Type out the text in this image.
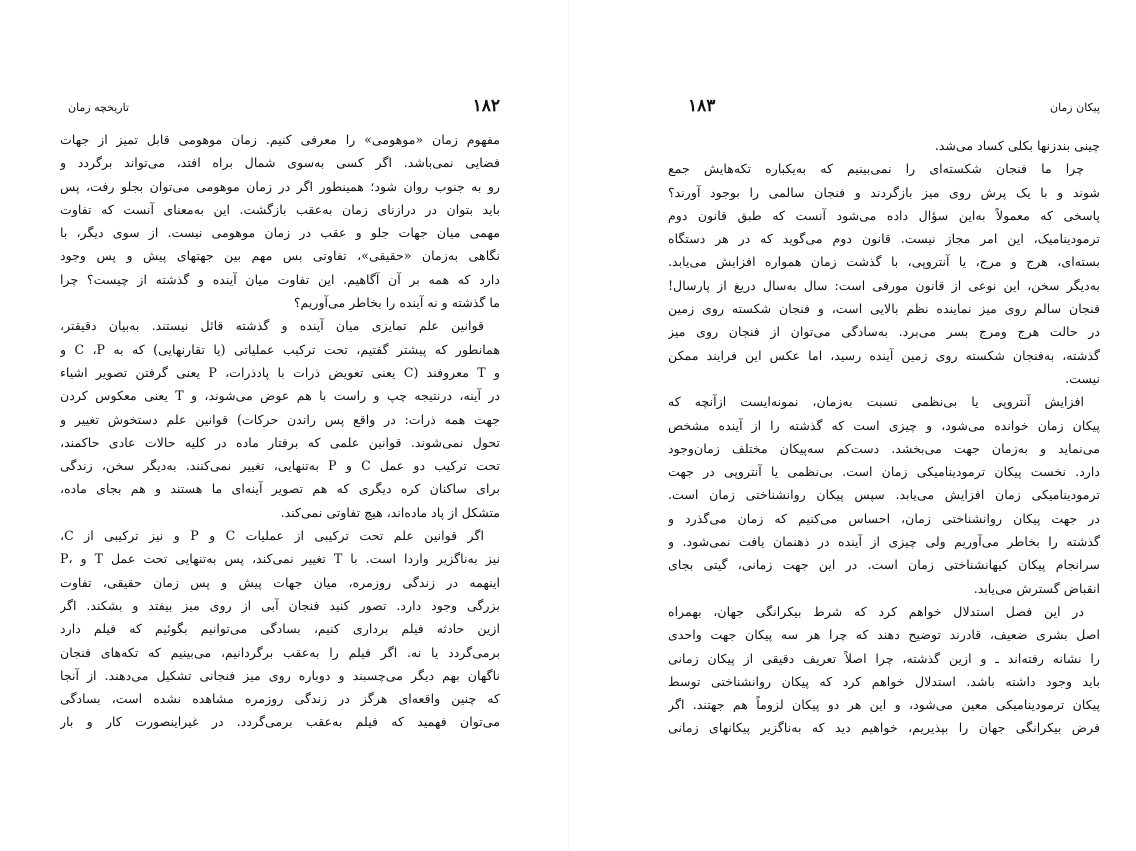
تاریخچه زمان	۱۸۲
مفهوم زمان «موهومی» را معرفی کنیم. زمان موهومی قابل تمیز از جهات
فضایی نمی‌باشد. اگر کسی به‌سوی شمال براه افتد، می‌تواند برگردد و
رو به جنوب روان شود؛ همینطور اگر در زمان موهومی می‌توان بجلو رفت، پس
باید بتوان در درازنای زمان به‌عقب بازگشت. این به‌معنای آنست که تفاوت
مهمی میان جهات جلو و عقب در زمان موهومی نیست. از سوی دیگر، با
نگاهی به‌زمان «حقیقی»، تفاوتی بس مهم بین جهتهای پیش و پس وجود
دارد که همه بر آن آگاهیم. این تفاوت میان آینده و گذشته از چیست؟ چرا
ما گذشته و نه آینده را بخاطر می‌آوریم؟
قوانین علم تمایزی میان آینده و گذشته قائل نیستند. به‌بیان دقیقتر،
همانطور که پیشتر گفتیم، تحت ترکیب عملیاتی (یا تقارنهایی) که به C ،P و
و T معروفند (C یعنی تعویض ذرات با پادذرات، P یعنی گرفتن تصویر اشیاء
در آینه، درنتیجه چپ و راست با هم عوض می‌شوند، و T یعنی معکوس کردن
جهت همه ذرات: در واقع پس راندن حرکات) قوانین علم دستخوش تغییر و
تحول نمی‌شوند. قوانین علمی که برفتار ماده در کلیه حالات عادی حاکمند،
تحت ترکیب دو عمل C و P به‌تنهایی، تغییر نمی‌کنند. به‌دیگر سخن، زندگی
برای ساکنان کره دیگری که هم تصویر آینه‌ای ما هستند و هم بجای ماده،
متشکل از پاد ماده‌اند، هیچ تفاوتی نمی‌کند.
اگر قوانین علم تحت ترکیبی از عملیات C و P و نیز ترکیبی از C،
P، و T تغییر نمی‌کند، پس به‌تنهایی تحت عمل T نیز به‌ناگزیر واردا است. با
اینهمه در زندگی روزمره، میان جهات پیش و پس زمان حقیقی، تفاوت
بزرگی وجود دارد. تصور کنید فنجان آبی از روی میز بیفتد و بشکند. اگر
ازین حادثه فیلم برداری کنیم، بسادگی می‌توانیم بگوئیم که فیلم دارد
برمی‌گردد یا نه. اگر فیلم را به‌عقب برگردانیم، می‌بینیم که تکه‌های فنجان
ناگهان بهم دیگر می‌چسبند و دوباره روی میز فنجانی تشکیل می‌دهند. از آنجا
که چنین واقعه‌ای هرگز در زندگی روزمره مشاهده نشده است، بسادگی
می‌توان فهمید که فیلم به‌عقب برمی‌گردد. در غیراینصورت کار و بار
۱۸۳	پیکان زمان
چینی بندزنها بکلی کساد می‌شد.
چرا ما فنجان شکسته‌ای را نمی‌بینیم که به‌یکباره تکه‌هایش جمع
شوند و با یک پرش روی میز بازگردند و فنجان سالمی را بوجود آورند؟
پاسخی که معمولاً به‌این سؤال داده می‌شود آنست که طبق قانون دوم
ترمودینامیک، این امر مجاز نیست. قانون دوم می‌گوید که در هر دستگاه
بسته‌ای، هرج و مرج، یا آنتروپی، با گذشت زمان همواره افزایش می‌یابد.
به‌دیگر سخن، این نوعی از قانون مورفی است: سال به‌سال دریغ از پارسال!
فنجان سالم روی میز نماینده نظم بالایی است، و فنجان شکسته روی زمین
در حالت هرج ومرج بسر می‌برد. به‌سادگی می‌توان از فنجان روی میز
گذشته، به‌فنجان شکسته روی زمین آینده رسید، اما عکس این فرایند ممکن
نیست.
افزایش آنتروپی یا بی‌نظمی نسبت به‌زمان، نمونه‌ایست ازآنچه که
پیکان زمان خوانده می‌شود، و چیزی است که گذشته را از آینده مشخص
می‌نماید و به‌زمان جهت می‌بخشد. دست‌کم سه‌پیکان مختلف زمان‌وجود
دارد. نخست پیکان ترمودینامیکی زمان است. بی‌نظمی یا آنتروپی در جهت
ترمودینامیکی زمان افزایش می‌یابد. سپس پیکان روانشناختی زمان است.
در جهت پیکان روانشناختی زمان، احساس می‌کنیم که زمان می‌گذرد و
گذشته را بخاطر می‌آوریم ولی چیزی از آینده در ذهنمان یافت نمی‌شود. و
سرانجام پیکان کیهانشناختی زمان است. در این جهت زمانی، گیتی بجای
انقباض گسترش می‌یابد.
در این فصل استدلال خواهم کرد که شرط بیکرانگی جهان، بهمراه
اصل بشری ضعیف، قادرند توضیح دهند که چرا هر سه پیکان جهت واحدی
را نشانه رفته‌اند ـ و ازین گذشته، چرا اصلاً تعریف دقیقی از پیکان زمانی
باید وجود داشته باشد. استدلال خواهم کرد که پیکان روانشناختی توسط
پیکان ترمودینامیکی معین می‌شود، و این هر دو پیکان لزوماً هم جهتند. اگر
فرض بیکرانگی جهان را بپذیریم، خواهیم دید که به‌ناگزیر پیکانهای زمانی
